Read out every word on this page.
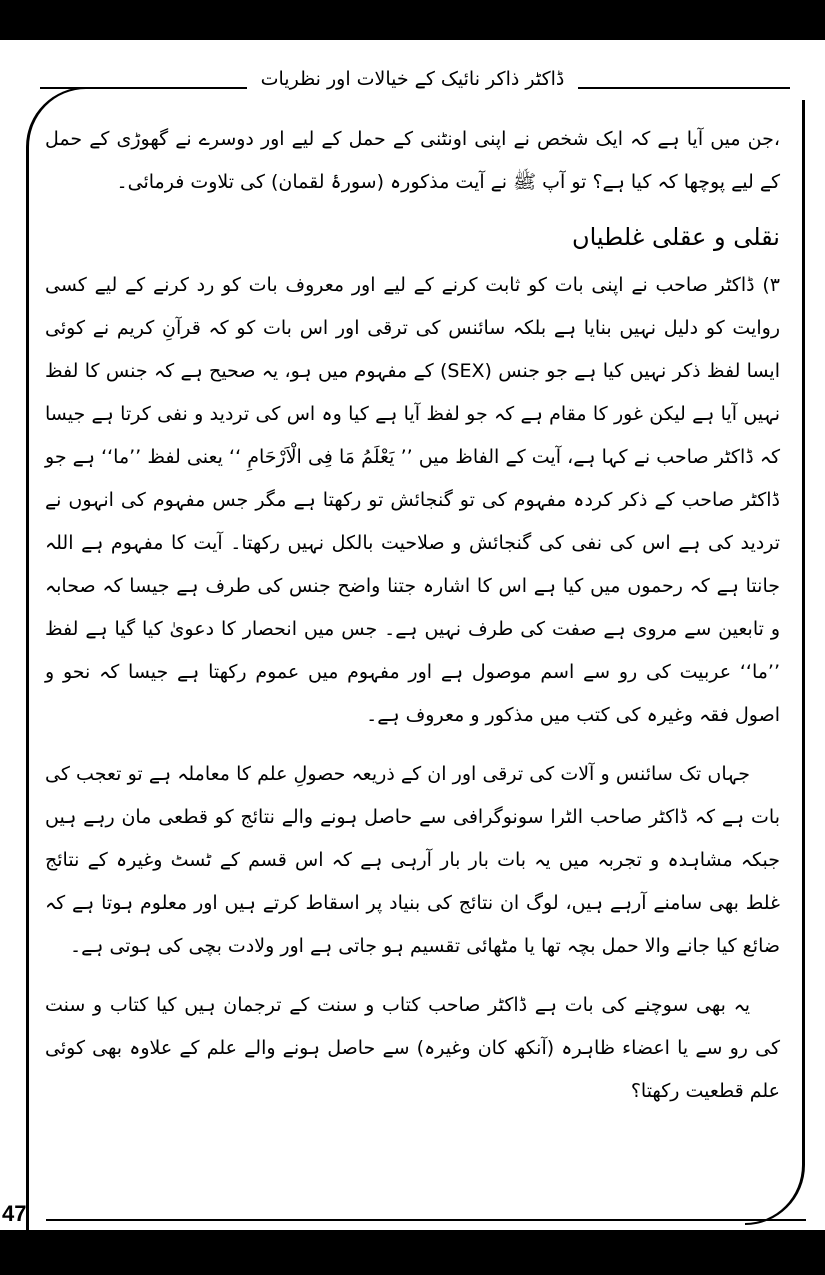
ڈاکٹر ذاکر نائیک کے خیالات اور نظریات

،جن میں آیا ہے کہ ایک شخص نے اپنی اونٹنی کے حمل کے لیے اور دوسرے نے گھوڑی کے حمل کے لیے پوچھا کہ کیا ہے؟ تو آپ ﷺ نے آیت مذکورہ (سورۂ لقمان) کی تلاوت فرمائی۔

نقلی و عقلی غلطیاں

۳) ڈاکٹر صاحب نے اپنی بات کو ثابت کرنے کے لیے اور معروف بات کو رد کرنے کے لیے کسی روایت کو دلیل نہیں بنایا ہے بلکہ سائنس کی ترقی اور اس بات کو کہ قرآنِ کریم نے کوئی ایسا لفظ ذکر نہیں کیا ہے جو جنس (SEX) کے مفہوم میں ہو، یہ صحیح ہے کہ جنس کا لفظ نہیں آیا ہے لیکن غور کا مقام ہے کہ جو لفظ آیا ہے کیا وہ اس کی تردید و نفی کرتا ہے جیسا کہ ڈاکٹر صاحب نے کہا ہے، آیت کے الفاظ میں ’’ یَعْلَمُ مَا فِی الْاَرْحَامِ ‘‘ یعنی لفظ ’’ما‘‘ ہے جو ڈاکٹر صاحب کے ذکر کردہ مفہوم کی تو گنجائش تو رکھتا ہے مگر جس مفہوم کی انہوں نے تردید کی ہے اس کی نفی کی گنجائش و صلاحیت بالکل نہیں رکھتا۔ آیت کا مفہوم ہے اللہ جانتا ہے کہ رحموں میں کیا ہے اس کا اشارہ جتنا واضح جنس کی طرف ہے جیسا کہ صحابہ و تابعین سے مروی ہے صفت کی طرف نہیں ہے۔ جس میں انحصار کا دعویٰ کیا گیا ہے لفظ ’’ما‘‘ عربیت کی رو سے اسم موصول ہے اور مفہوم میں عموم رکھتا ہے جیسا کہ نحو و اصول فقہ وغیرہ کی کتب میں مذکور و معروف ہے۔

جہاں تک سائنس و آلات کی ترقی اور ان کے ذریعہ حصولِ علم کا معاملہ ہے تو تعجب کی بات ہے کہ ڈاکٹر صاحب الٹرا سونوگرافی سے حاصل ہونے والے نتائج کو قطعی مان رہے ہیں جبکہ مشاہدہ و تجربہ میں یہ بات بار بار آرہی ہے کہ اس قسم کے ٹسٹ وغیرہ کے نتائج غلط بھی سامنے آرہے ہیں، لوگ ان نتائج کی بنیاد پر اسقاط کرتے ہیں اور معلوم ہوتا ہے کہ ضائع کیا جانے والا حمل بچہ تھا یا مٹھائی تقسیم ہو جاتی ہے اور ولادت بچی کی ہوتی ہے۔

یہ بھی سوچنے کی بات ہے ڈاکٹر صاحب کتاب و سنت کے ترجمان ہیں کیا کتاب و سنت کی رو سے یا اعضاء ظاہرہ (آنکھ کان وغیرہ) سے حاصل ہونے والے علم کے علاوہ بھی کوئی علم قطعیت رکھتا؟

47
